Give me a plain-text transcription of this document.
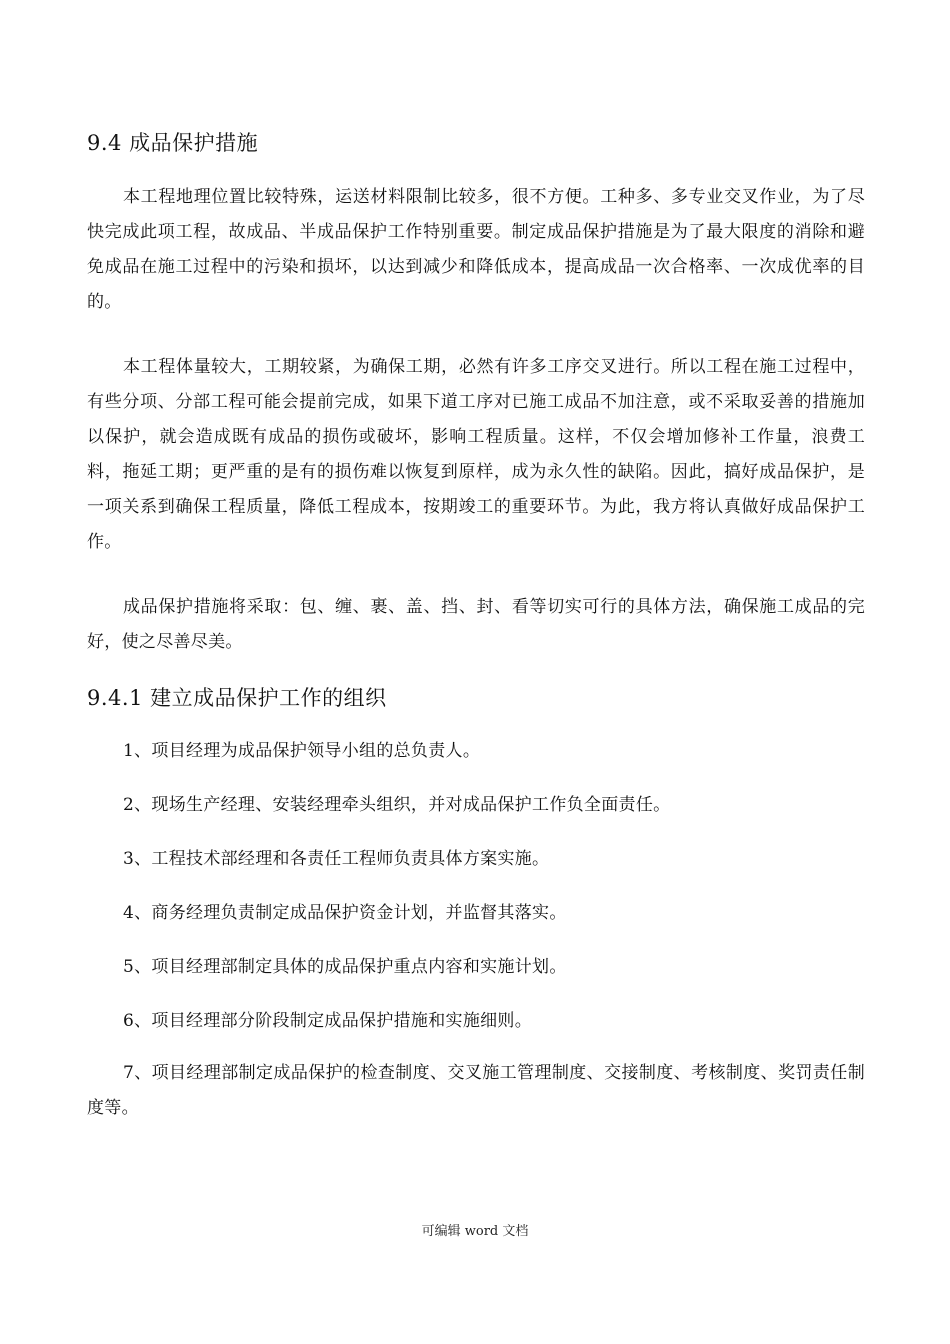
9.4 成品保护措施

本工程地理位置比较特殊，运送材料限制比较多，很不方便。工种多、多专业交叉作业，为了尽快完成此项工程，故成品、半成品保护工作特别重要。制定成品保护措施是为了最大限度的消除和避免成品在施工过程中的污染和损坏，以达到减少和降低成本，提高成品一次合格率、一次成优率的目的。

本工程体量较大，工期较紧，为确保工期，必然有许多工序交叉进行。所以工程在施工过程中，有些分项、分部工程可能会提前完成，如果下道工序对已施工成品不加注意，或不采取妥善的措施加以保护，就会造成既有成品的损伤或破坏，影响工程质量。这样，不仅会增加修补工作量，浪费工料，拖延工期；更严重的是有的损伤难以恢复到原样，成为永久性的缺陷。因此，搞好成品保护，是一项关系到确保工程质量，降低工程成本，按期竣工的重要环节。为此，我方将认真做好成品保护工作。

成品保护措施将采取：包、缠、裹、盖、挡、封、看等切实可行的具体方法，确保施工成品的完好，使之尽善尽美。

9.4.1 建立成品保护工作的组织

1、项目经理为成品保护领导小组的总负责人。

2、现场生产经理、安装经理牵头组织，并对成品保护工作负全面责任。

3、工程技术部经理和各责任工程师负责具体方案实施。

4、商务经理负责制定成品保护资金计划，并监督其落实。

5、项目经理部制定具体的成品保护重点内容和实施计划。

6、项目经理部分阶段制定成品保护措施和实施细则。

7、项目经理部制定成品保护的检查制度、交叉施工管理制度、交接制度、考核制度、奖罚责任制度等。

可编辑 word 文档
